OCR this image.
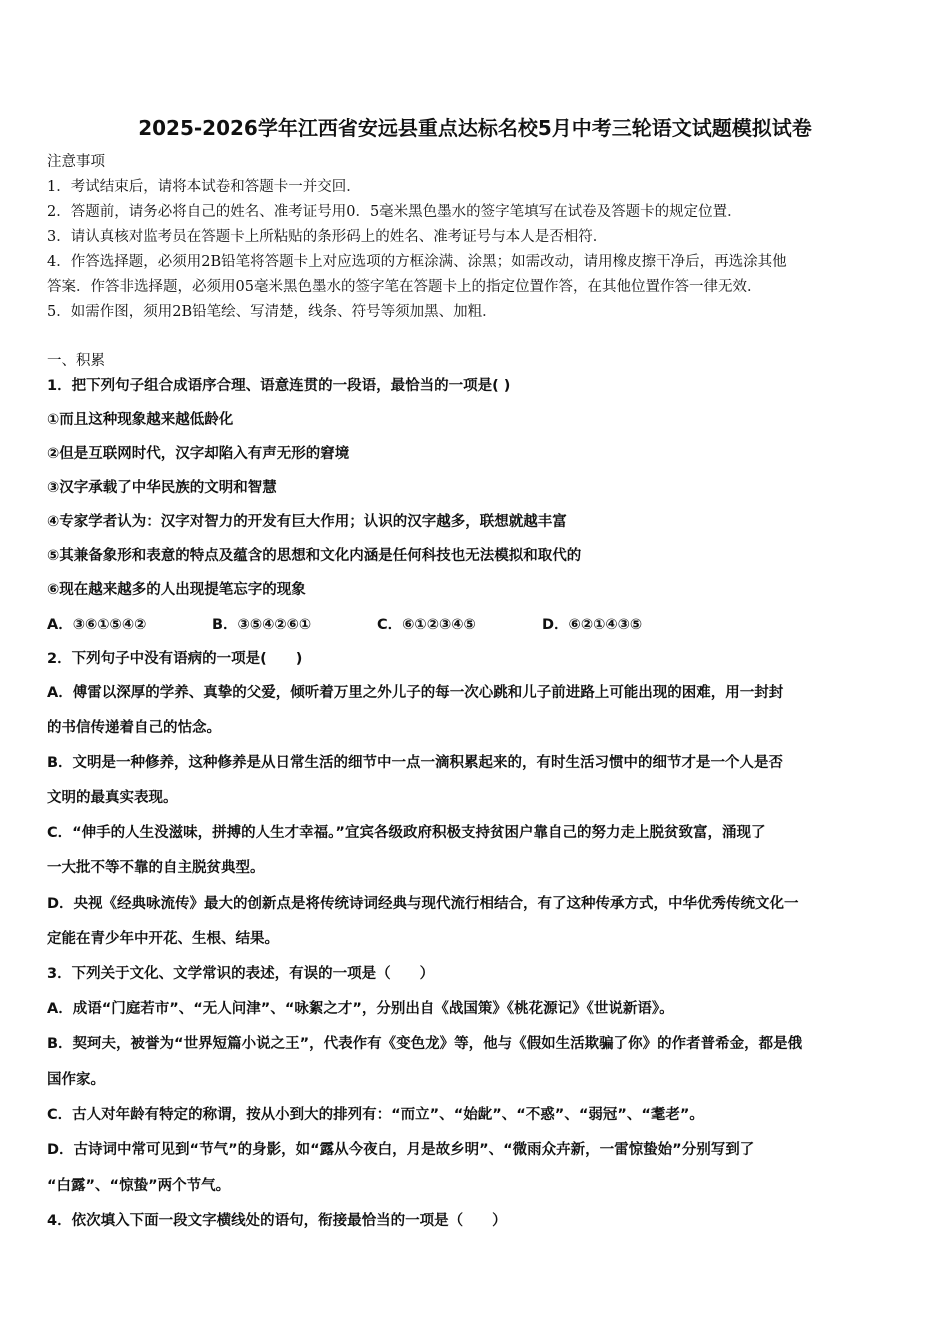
2025-2026学年江西省安远县重点达标名校5月中考三轮语文试题模拟试卷
注意事项
1．考试结束后，请将本试卷和答题卡一并交回．
2．答题前，请务必将自己的姓名、准考证号用0．5毫米黑色墨水的签字笔填写在试卷及答题卡的规定位置．
3．请认真核对监考员在答题卡上所粘贴的条形码上的姓名、准考证号与本人是否相符．
4．作答选择题，必须用2B铅笔将答题卡上对应选项的方框涂满、涂黑；如需改动，请用橡皮擦干净后，再选涂其他
答案．作答非选择题，必须用05毫米黑色墨水的签字笔在答题卡上的指定位置作答，在其他位置作答一律无效．
5．如需作图，须用2B铅笔绘、写清楚，线条、符号等须加黑、加粗．
一、积累
1．把下列句子组合成语序合理、语意连贯的一段语，最恰当的一项是( )
①而且这种现象越来越低龄化
②但是互联网时代，汉字却陷入有声无形的窘境
③汉字承载了中华民族的文明和智慧
④专家学者认为：汉字对智力的开发有巨大作用；认识的汉字越多，联想就越丰富
⑤其兼备象形和表意的特点及蕴含的思想和文化内涵是任何科技也无法模拟和取代的
⑥现在越来越多的人出现提笔忘字的现象
A．③⑥①⑤④②	B．③⑤④②⑥①	C．⑥①②③④⑤	D．⑥②①④③⑤
2．下列句子中没有语病的一项是(　　)
A．傅雷以深厚的学养、真挚的父爱，倾听着万里之外儿子的每一次心跳和儿子前进路上可能出现的困难，用一封封
的书信传递着自己的怙念。
B．文明是一种修养，这种修养是从日常生活的细节中一点一滴积累起来的，有时生活习惯中的细节才是一个人是否
文明的最真实表现。
C．“伸手的人生没滋味，拼搏的人生才幸福。”宜宾各级政府积极支持贫困户靠自己的努力走上脱贫致富，涌现了
一大批不等不靠的自主脱贫典型。
D．央视《经典咏流传》最大的创新点是将传统诗词经典与现代流行相结合，有了这种传承方式，中华优秀传统文化一
定能在青少年中开花、生根、结果。
3．下列关于文化、文学常识的表述，有误的一项是（　　）
A．成语“门庭若市”、“无人问津”、“咏絮之才”，分别出自《战国策》《桃花源记》《世说新语》。
B．契珂夫，被誉为“世界短篇小说之王”，代表作有《变色龙》等，他与《假如生活欺骗了你》的作者普希金，都是俄
国作家。
C．古人对年龄有特定的称谓，按从小到大的排列有：“而立”、“始龀”、“不惑”、“弱冠”、“耄老”。
D．古诗词中常可见到“节气”的身影，如“露从今夜白，月是故乡明”、“微雨众卉新，一雷惊蛰始”分别写到了
“白露”、“惊蛰”两个节气。
4．依次填入下面一段文字横线处的语句，衔接最恰当的一项是（　　）
